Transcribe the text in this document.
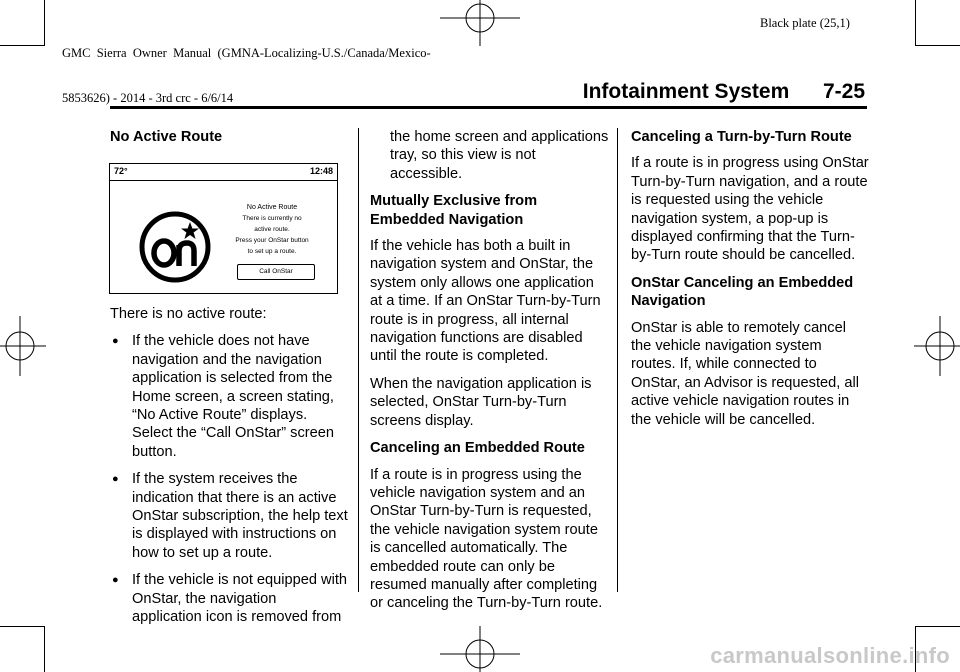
GMC  Sierra  Owner  Manual  (GMNA-Localizing-U.S./Canada/Mexico-

5853626) - 2014 - 3rd crc - 6/6/14

Black plate (25,1)
Infotainment System 7-25
No Active Route
72°	12:48
No Active Route
There is currently no
active route.
Press your OnStar button
to set up a route.
Call OnStar

There is no active route:

● If the vehicle does not have navigation and the navigation application is selected from the Home screen, a screen stating, “No Active Route” displays. Select the “Call OnStar” screen button.
● If the system receives the indication that there is an active OnStar subscription, the help text is displayed with instructions on how to set up a route.
● If the vehicle is not equipped with OnStar, the navigation application icon is removed from

the home screen and applications tray, so this view is not accessible.

Mutually Exclusive from Embedded Navigation

If the vehicle has both a built in navigation system and OnStar, the system only allows one application at a time. If an OnStar Turn-by-Turn route is in progress, all internal navigation functions are disabled until the route is completed.

When the navigation application is selected, OnStar Turn-by-Turn screens display.

Canceling an Embedded Route

If a route is in progress using the vehicle navigation system and an OnStar Turn-by-Turn is requested, the vehicle navigation system route is cancelled automatically. The embedded route can only be resumed manually after completing or canceling the Turn-by-Turn route.

Canceling a Turn-by-Turn Route

If a route is in progress using OnStar Turn-by-Turn navigation, and a route is requested using the vehicle navigation system, a pop-up is displayed confirming that the Turn-by-Turn route should be cancelled.

OnStar Canceling an Embedded Navigation

OnStar is able to remotely cancel the vehicle navigation system routes. If, while connected to OnStar, an Advisor is requested, all active vehicle navigation routes in the vehicle will be cancelled.

carmanualsonline.info
